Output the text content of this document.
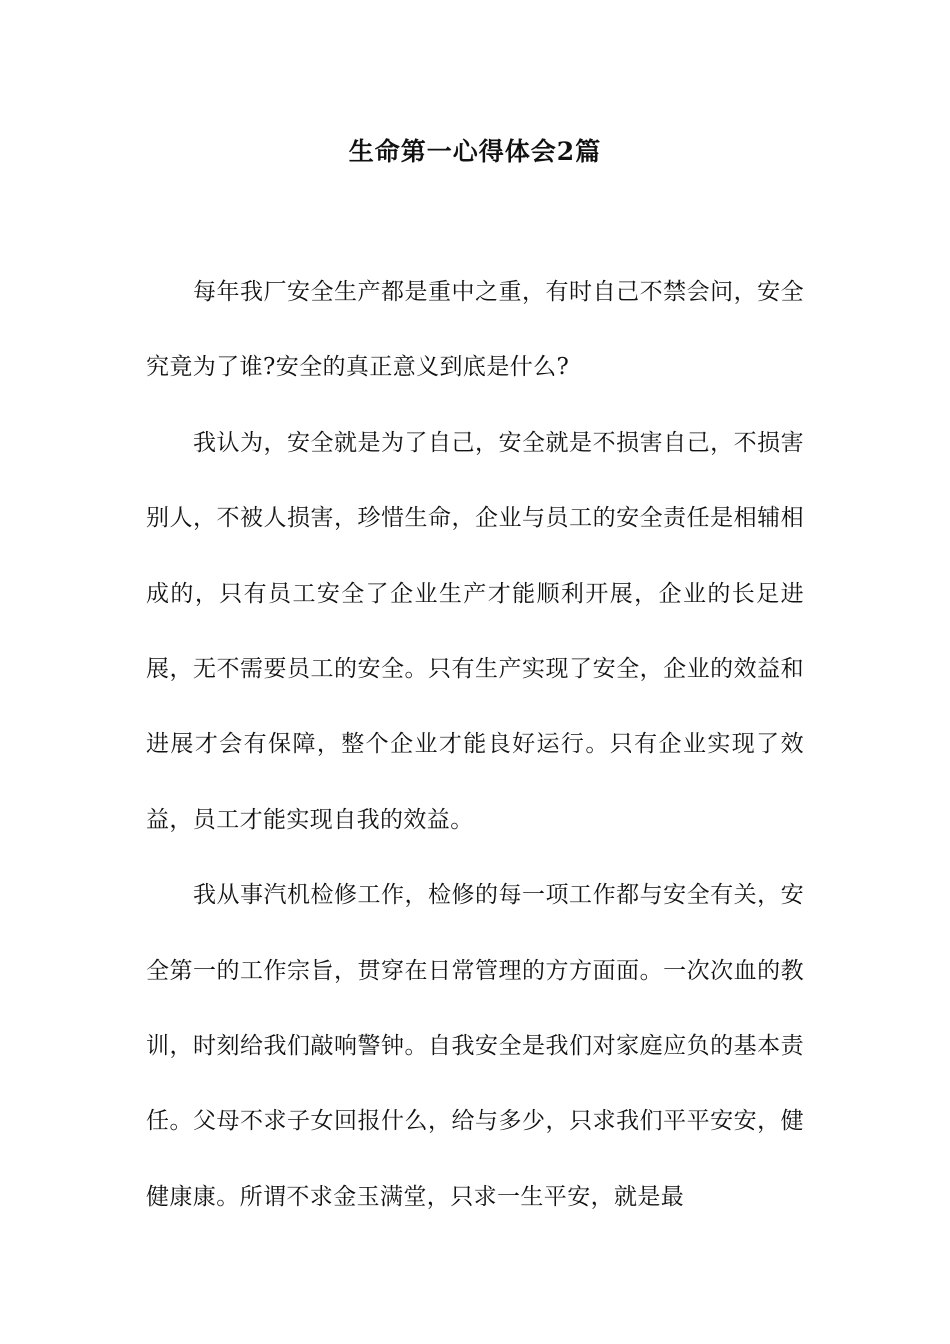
生命第一心得体会2篇

每年我厂安全生产都是重中之重，有时自己不禁会问，安全究竟为了谁?安全的真正意义到底是什么?

我认为，安全就是为了自己，安全就是不损害自己，不损害别人，不被人损害，珍惜生命，企业与员工的安全责任是相辅相成的，只有员工安全了企业生产才能顺利开展，企业的长足进展，无不需要员工的安全。只有生产实现了安全，企业的效益和进展才会有保障，整个企业才能良好运行。只有企业实现了效益，员工才能实现自我的效益。

我从事汽机检修工作，检修的每一项工作都与安全有关，安全第一的工作宗旨，贯穿在日常管理的方方面面。一次次血的教训，时刻给我们敲响警钟。自我安全是我们对家庭应负的基本责任。父母不求子女回报什么，给与多少，只求我们平平安安，健健康康。所谓不求金玉满堂，只求一生平安，就是最
